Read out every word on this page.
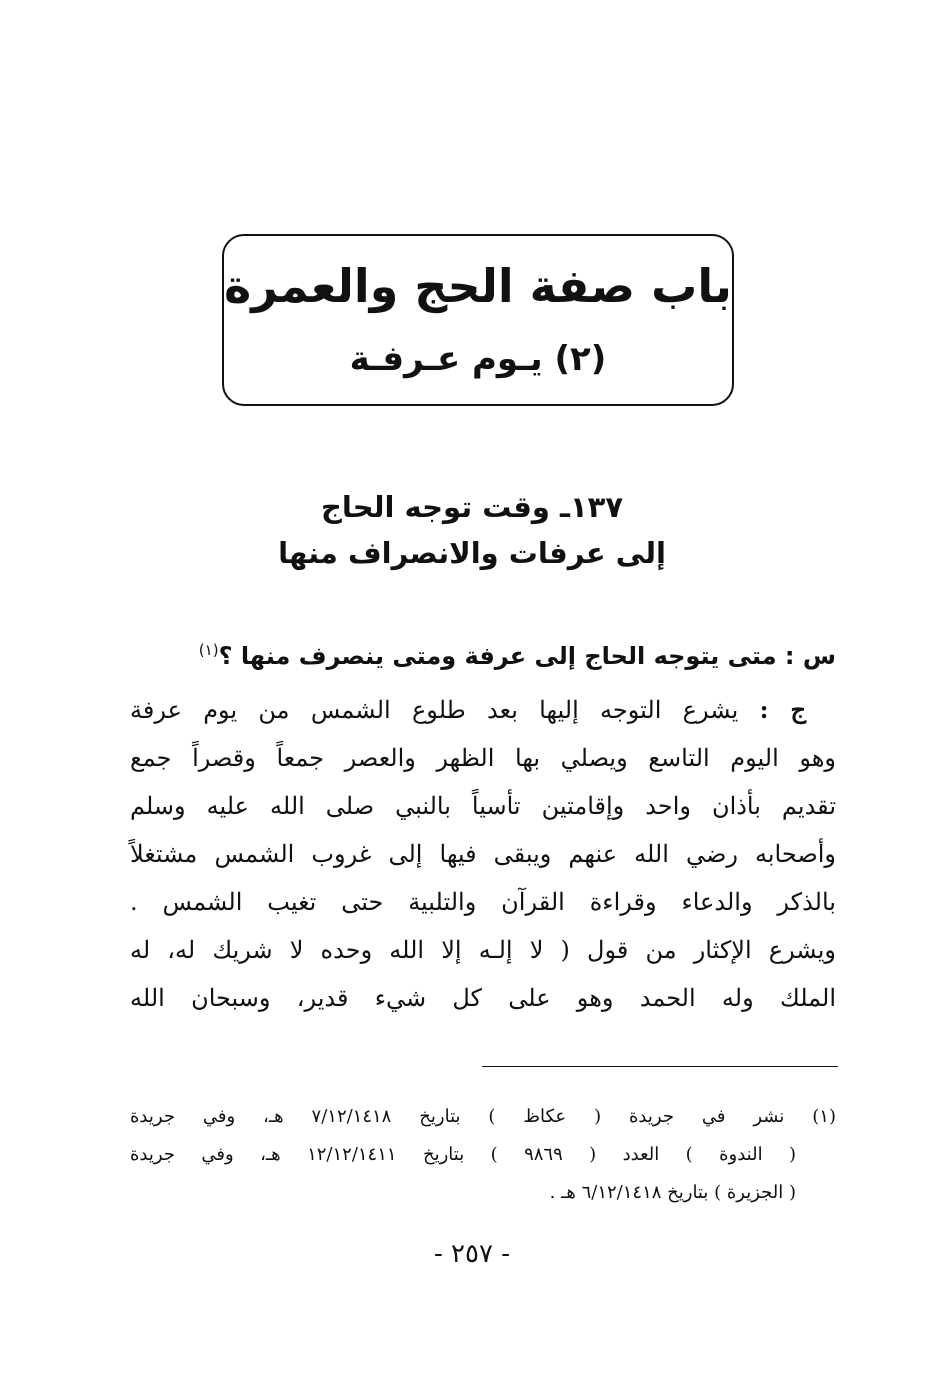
باب صفة الحج والعمرة
(٢) يـوم عـرفـة
١٣٧ـ وقت توجه الحاج
إلى عرفات والانصراف منها
س : متى يتوجه الحاج إلى عرفة ومتى ينصرف منها ؟$^{(١)}$
ج : يشرع التوجه إليها بعد طلوع الشمس من يوم عرفة
وهو اليوم التاسع ويصلي بها الظهر والعصر جمعاً وقصراً جمع
تقديم بأذان واحد وإقامتين تأسياً بالنبي صلى الله عليه وسلم
وأصحابه رضي الله عنهم ويبقى فيها إلى غروب الشمس مشتغلاً
بالذكر والدعاء وقراءة القرآن والتلبية حتى تغيب الشمس .
ويشرع الإكثار من قول ( لا إلـه إلا الله وحده لا شريك له، له
الملك وله الحمد وهو على كل شيء قدير، وسبحان الله
(١) نشر في جريدة ( عكاظ ) بتاريخ ٧/١٢/١٤١٨ هـ، وفي جريدة
( الندوة ) العدد ( ٩٨٦٩ ) بتاريخ ١٢/١٢/١٤١١ هـ، وفي جريدة
( الجزيرة ) بتاريخ ٦/١٢/١٤١٨ هـ .
- ٢٥٧ -
